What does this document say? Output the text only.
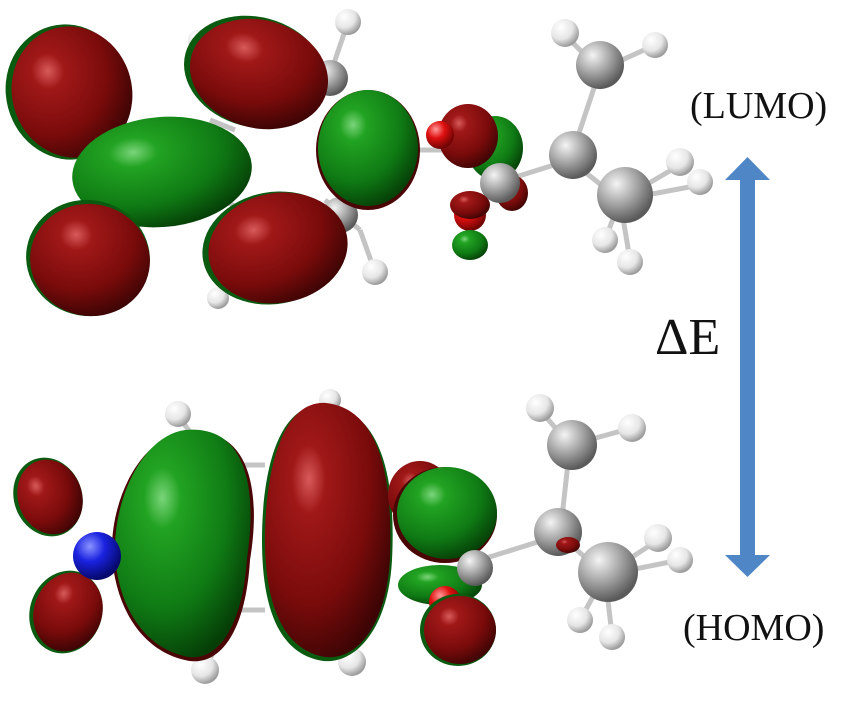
(LUMO)
ΔE
(HOMO)
